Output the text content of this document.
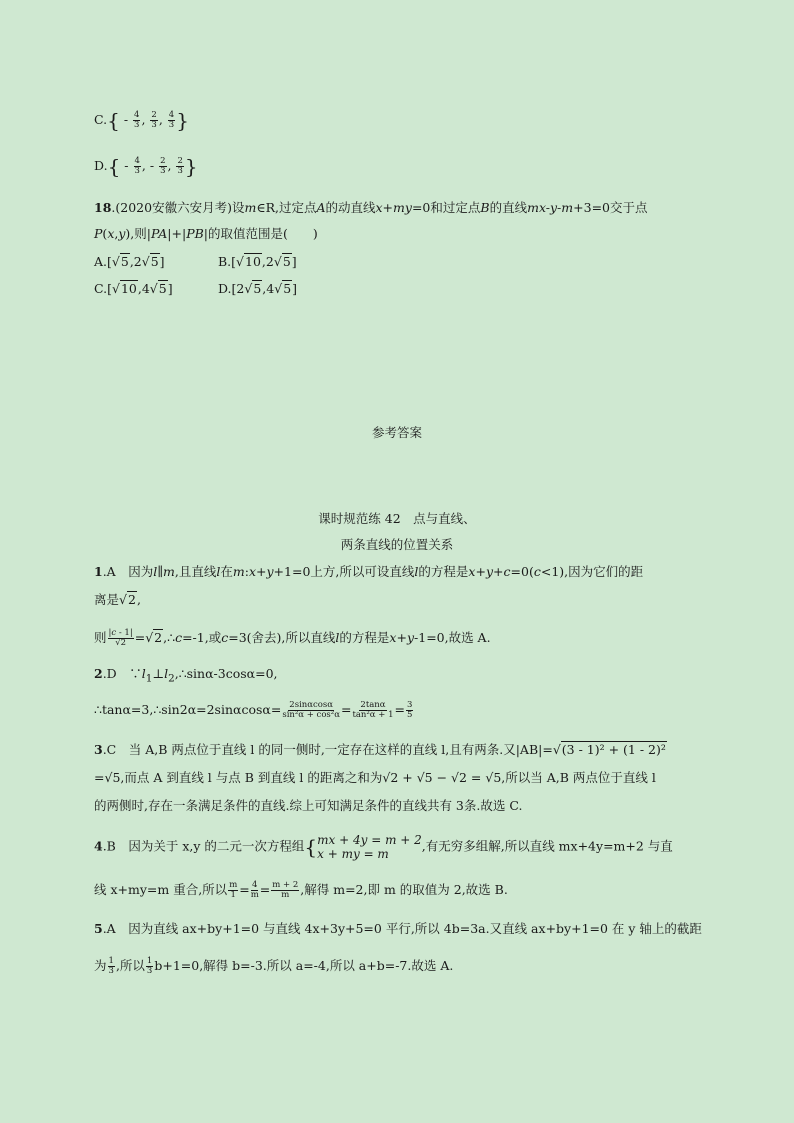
$C.\{ - \frac{4}{3}$ , $\frac{2}{3}$ , $\frac{4}{3}$ }
$D.\{ - \frac{4}{3}$ , - $\frac{2}{3}$ , $\frac{2}{3}$ }
18.(2020安徽六安月考)设m∈R,过定点A的动直线x+my=0和过定点B的直线mx-y-m+3=0交于点
P(x,y),则|PA|+|PB|的取值范围是(　　)
A.[√5,2√5]	B.[√10,2√5]
C.[√10,4√5]	D.[2√5,4√5]
参考答案
课时规范练 42　点与直线、
两条直线的位置关系
1.A　因为l∥m,且直线l在m:x+y+1=0上方,所以可设直线l的方程是x+y+c=0(c<1),因为它们的距
离是√2,
则 $\frac{|c - 1|}{√2}$ =√2,∴c=-1,或c=3(舍去),所以直线l的方程是x+y-1=0,故选 A.
2.D　$\because l_1\perp l_2,\therefore\sin\alpha-3\cos\alpha=0$,
∴tanα=3,∴sin2α=2sinαcosα= $\frac{2\sin\alpha\cos\alpha}{\text{sin²α + cos²α}} = \frac{2\tan\alpha}{\text{tan²α + 1}} = \frac{3}{5}$
3.C　当 A,B 两点位于直线 l 的同一侧时,一定存在这样的直线 l,且有两条.又|AB|=√(3 - 1)² + (1 - 2)²
=√5,而点 A 到直线 l 与点 B 到直线 l 的距离之和为√2 + √5 − √2 = √5,所以当 A,B 两点位于直线 l
的两侧时,存在一条满足条件的直线.综上可知满足条件的直线共有 3条.故选 C.
4.B　因为关于 x,y 的二元一次方程组 { mx + 4y = m + 2
x + my = m
,有无穷多组解,所以直线 mx+4y=m+2 与直
线 x+my=m 重合,所以 $\frac{m}{1} = \frac{4}{m} = \frac{m + 2}{m}$ ,解得 m=2,即 m 的取值为 2,故选 B.
5.A　因为直线 ax+by+1=0 与直线 4x+3y+5=0 平行,所以 4b=3a.又直线 ax+by+1=0 在 y 轴上的截距
为 $\frac{1}{3}$ ,所以 $\frac{1}{3} b+1=0$,解得 b=-3.所以 a=-4,所以 a+b=-7.故选 A.
